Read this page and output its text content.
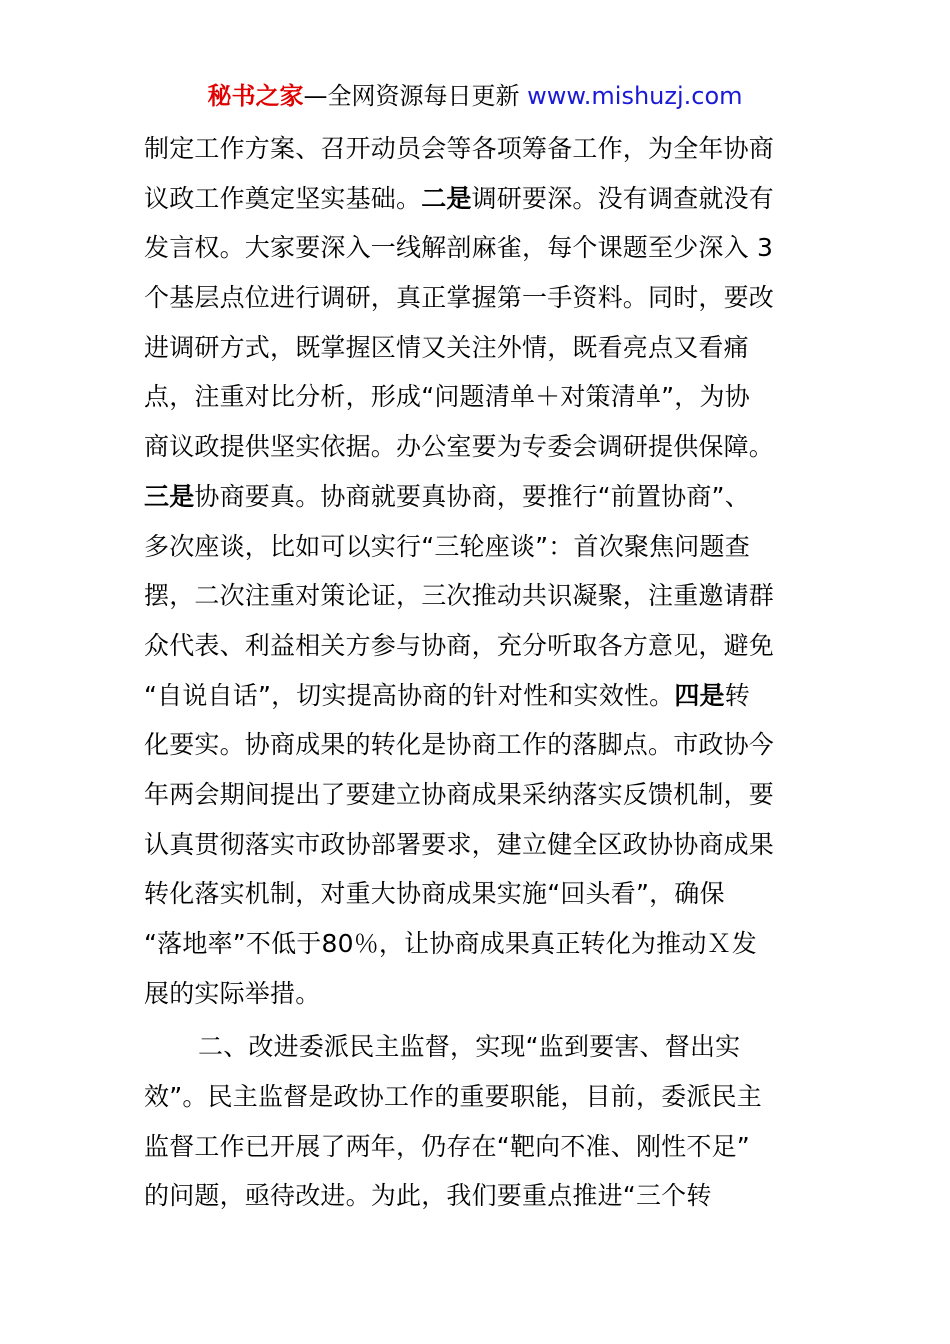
秘书之家—全网资源每日更新 www.mishuzj.com
制定工作方案、召开动员会等各项筹备工作，为全年协商
议政工作奠定坚实基础。二是调研要深。没有调查就没有
发言权。大家要深入一线解剖麻雀，每个课题至少深入 3
个基层点位进行调研，真正掌握第一手资料。同时，要改
进调研方式，既掌握区情又关注外情，既看亮点又看痛
点，注重对比分析，形成“问题清单＋对策清单”，为协
商议政提供坚实依据。办公室要为专委会调研提供保障。
三是协商要真。协商就要真协商，要推行“前置协商”、
多次座谈，比如可以实行“三轮座谈”：首次聚焦问题查
摆，二次注重对策论证，三次推动共识凝聚，注重邀请群
众代表、利益相关方参与协商，充分听取各方意见，避免
“自说自话”，切实提高协商的针对性和实效性。四是转
化要实。协商成果的转化是协商工作的落脚点。市政协今
年两会期间提出了要建立协商成果采纳落实反馈机制，要
认真贯彻落实市政协部署要求，建立健全区政协协商成果
转化落实机制，对重大协商成果实施“回头看”，确保
“落地率”不低于80％，让协商成果真正转化为推动Ｘ发
展的实际举措。
二、改进委派民主监督，实现“监到要害、督出实
效”。民主监督是政协工作的重要职能，目前，委派民主
监督工作已开展了两年，仍存在“靶向不准、刚性不足”
的问题，亟待改进。为此，我们要重点推进“三个转
